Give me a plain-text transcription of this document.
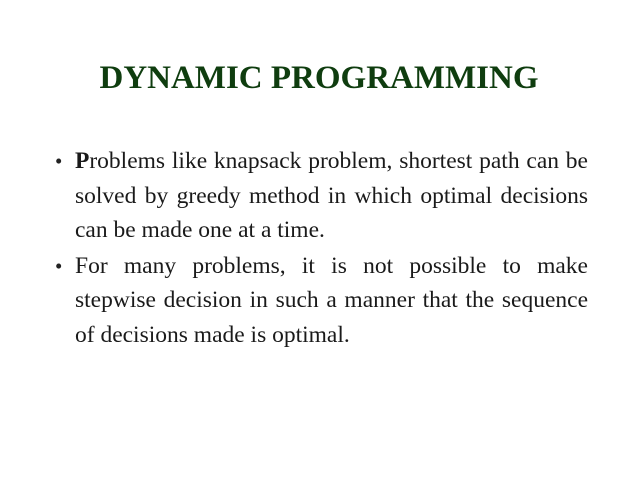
DYNAMIC PROGRAMMING
• Problems like knapsack problem, shortest path can be solved by greedy method in which optimal decisions can be made one at a time.
• For many problems, it is not possible to make stepwise decision in such a manner that the sequence of decisions made is optimal.
